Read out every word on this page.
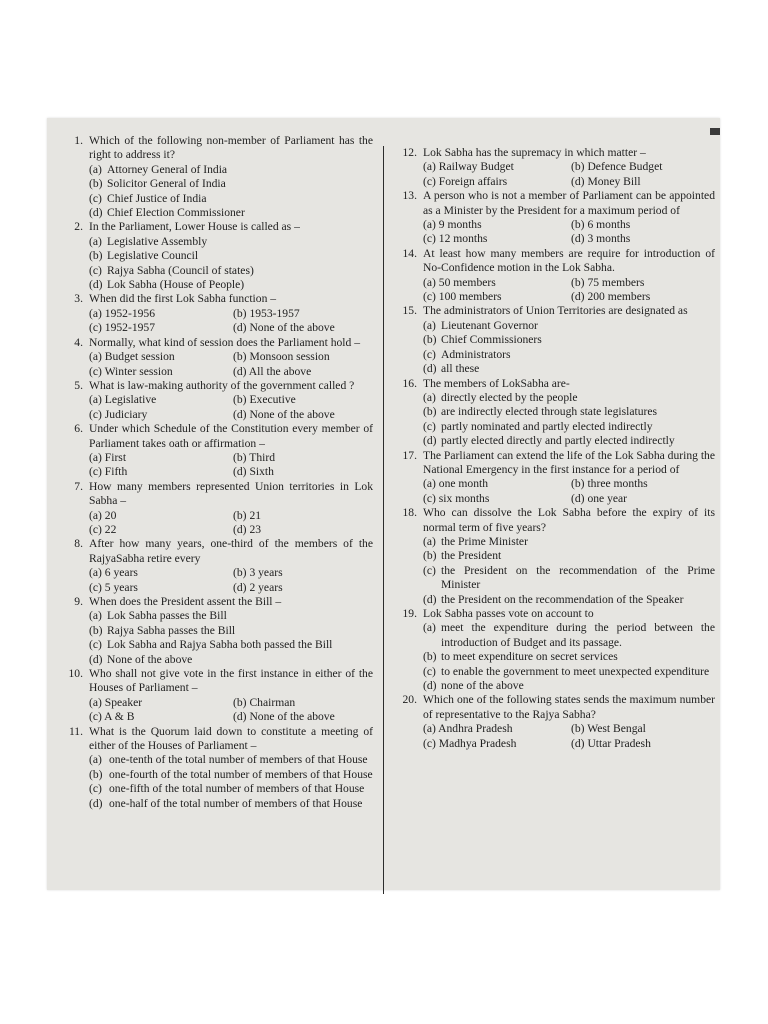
1. Which of the following non-member of Parliament has the right to address it?
(a) Attorney General of India
(b) Solicitor General of India
(c) Chief Justice of India
(d) Chief Election Commissioner
2. In the Parliament, Lower House is called as –
(a) Legislative Assembly
(b) Legislative Council
(c) Rajya Sabha (Council of states)
(d) Lok Sabha (House of People)
3. When did the first Lok Sabha function –
(a) 1952-1956	(b) 1953-1957
(c) 1952-1957	(d) None of the above
4. Normally, what kind of session does the Parliament hold –
(a) Budget session	(b) Monsoon session
(c) Winter session	(d) All the above
5. What is law-making authority of the government called ?
(a) Legislative	(b) Executive
(c) Judiciary	(d) None of the above
6. Under which Schedule of the Constitution every member of Parliament takes oath or affirmation –
(a) First	(b) Third
(c) Fifth	(d) Sixth
7. How many members represented Union territories in Lok Sabha –
(a) 20	(b) 21
(c) 22	(d) 23
8. After how many years, one-third of the members of the RajyaSabha retire every
(a) 6 years	(b) 3 years
(c) 5 years	(d) 2 years
9. When does the President assent the Bill –
(a) Lok Sabha passes the Bill
(b) Rajya Sabha passes the Bill
(c) Lok Sabha and Rajya Sabha both passed the Bill
(d) None of the above
10. Who shall not give vote in the first instance in either of the Houses of Parliament –
(a) Speaker	(b) Chairman
(c) A & B	(d) None of the above
11. What is the Quorum laid down to constitute a meeting of either of the Houses of Parliament –
(a) one-tenth of the total number of members of that House
(b) one-fourth of the total number of members of that House
(c) one-fifth of the total number of members of that House
(d) one-half of the total number of members of that House
12. Lok Sabha has the supremacy in which matter –
(a) Railway Budget	(b) Defence Budget
(c) Foreign affairs	(d) Money Bill
13. A person who is not a member of Parliament can be appointed as a Minister by the President for a maximum period of
(a) 9 months	(b) 6 months
(c) 12 months	(d) 3 months
14. At least how many members are require for introduction of No-Confidence motion in the Lok Sabha.
(a) 50 members	(b) 75 members
(c) 100 members	(d) 200 members
15. The administrators of Union Territories are designated as
(a) Lieutenant Governor
(b) Chief Commissioners
(c) Administrators
(d) all these
16. The members of LokSabha are-
(a) directly elected by the people
(b) are indirectly elected through state legislatures
(c) partly nominated and partly elected indirectly
(d) partly elected directly and partly elected indirectly
17. The Parliament can extend the life of the Lok Sabha during the National Emergency in the first instance for a period of
(a) one month	(b) three months
(c) six months	(d) one year
18. Who can dissolve the Lok Sabha before the expiry of its normal term of five years?
(a) the Prime Minister
(b) the President
(c) the President on the recommendation of the Prime Minister
(d) the President on the recommendation of the Speaker
19. Lok Sabha passes vote on account to
(a) meet the expenditure during the period between the introduction of Budget and its passage.
(b) to meet expenditure on secret services
(c) to enable the government to meet unexpected expenditure
(d) none of the above
20. Which one of the following states sends the maximum number of representative to the Rajya Sabha?
(a) Andhra Pradesh	(b) West Bengal
(c) Madhya Pradesh	(d) Uttar Pradesh
